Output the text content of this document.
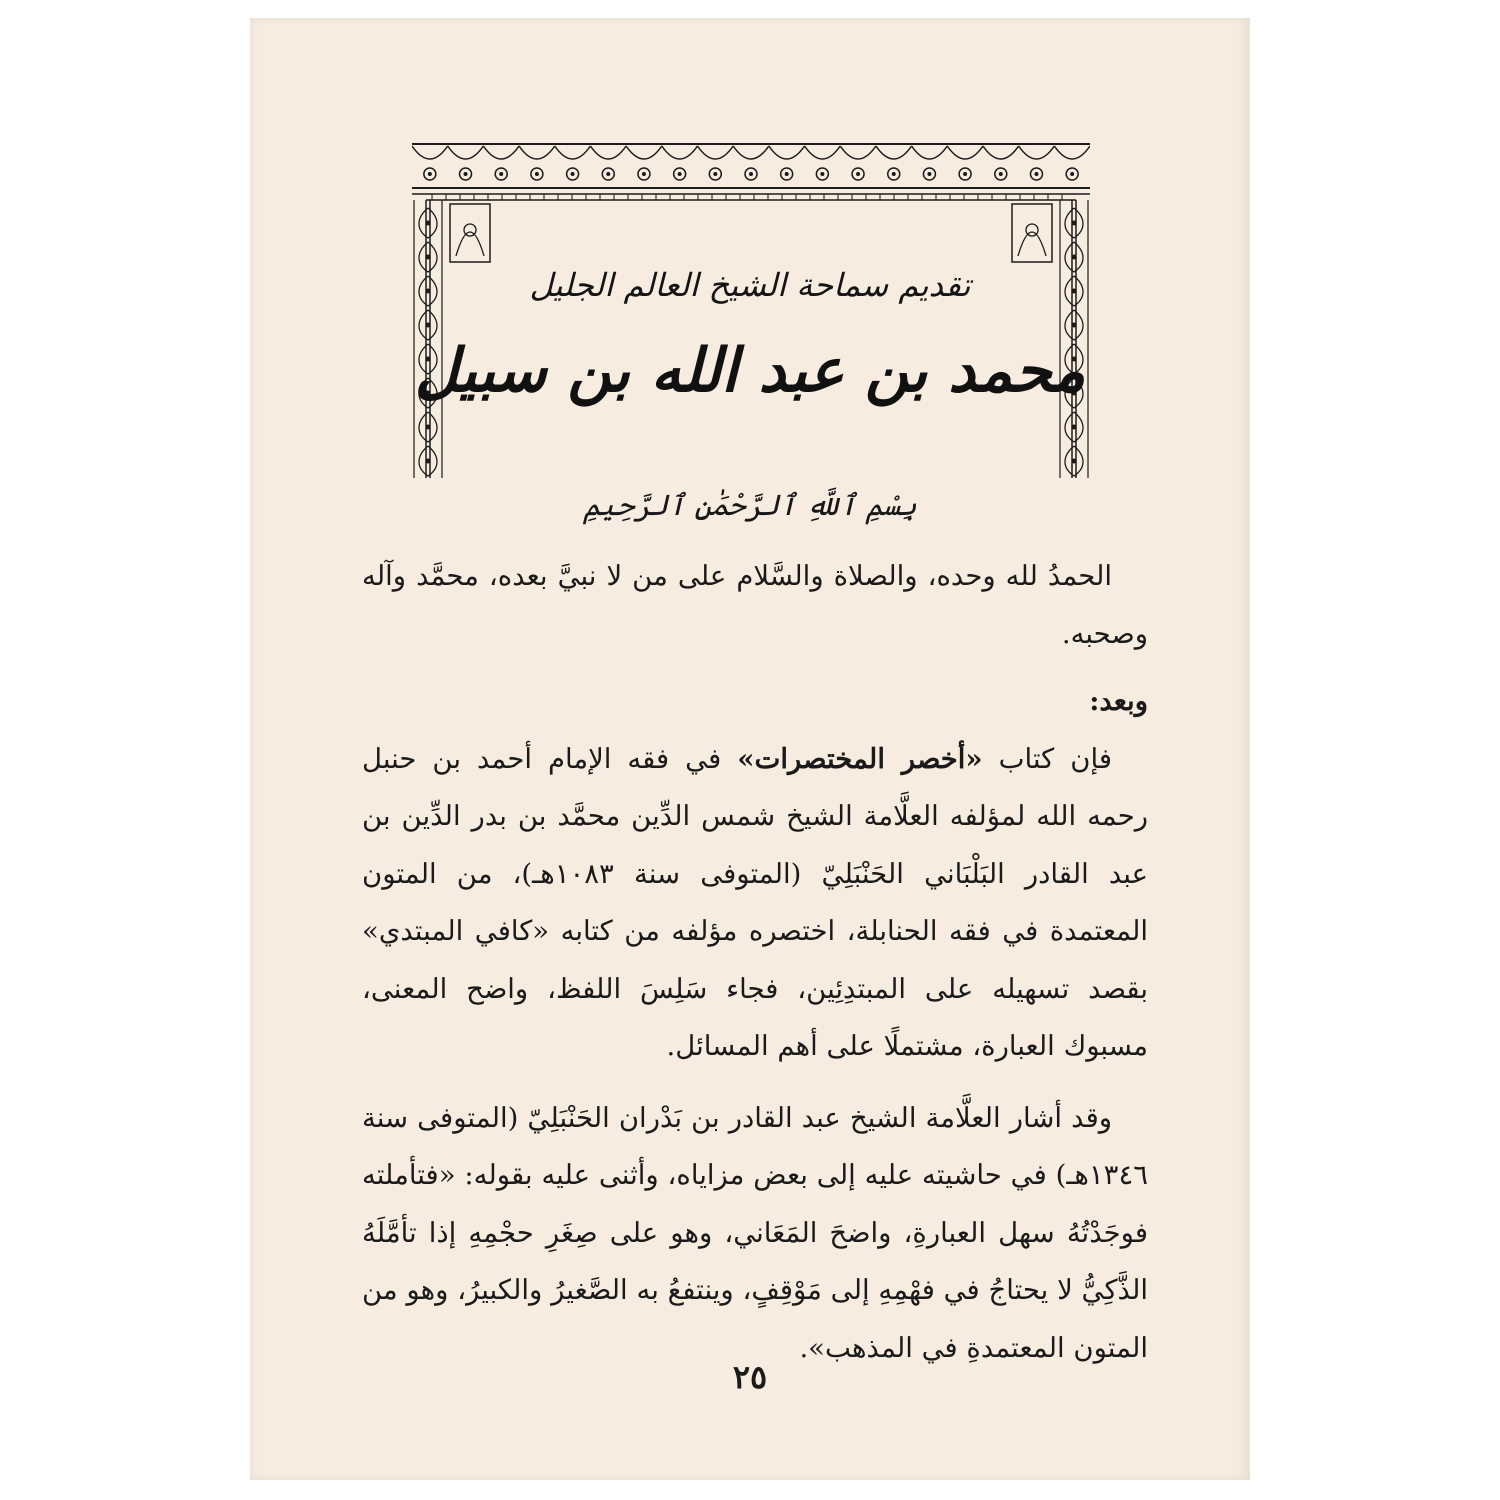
تقديم سماحة الشيخ العالم الجليل
محمد بن عبد الله بن سبيل
بِسْمِ ٱللَّهِ ٱلرَّحْمَٰنِ ٱلرَّحِيمِ

الحمدُ لله وحده، والصلاة والسَّلام على من لا نبيَّ بعده، محمَّد وآله وصحبه.

وبعد:

فإن كتاب «أخصر المختصرات» في فقه الإمام أحمد بن حنبل رحمه الله لمؤلفه العلَّامة الشيخ شمس الدِّين محمَّد بن بدر الدِّين بن عبد القادر البَلْبَاني الحَنْبَلِيّ (المتوفى سنة ١٠٨٣هـ)، من المتون المعتمدة في فقه الحنابلة، اختصره مؤلفه من كتابه «كافي المبتدي» بقصد تسهيله على المبتدِئِين، فجاء سَلِسَ اللفظ، واضح المعنى، مسبوك العبارة، مشتملًا على أهم المسائل.

وقد أشار العلَّامة الشيخ عبد القادر بن بَدْران الحَنْبَلِيّ (المتوفى سنة ١٣٤٦هـ) في حاشيته عليه إلى بعض مزاياه، وأثنى عليه بقوله: «فتأملته فوجَدْتُهُ سهل العبارةِ، واضحَ المَعَاني، وهو على صِغَرِ حجْمِهِ إذا تأمَّلَهُ الذَّكِيُّ لا يحتاجُ في فهْمِهِ إلى مَوْقِفٍ، وينتفعُ به الصَّغيرُ والكبيرُ، وهو من المتون المعتمدةِ في المذهب».

٢٥
